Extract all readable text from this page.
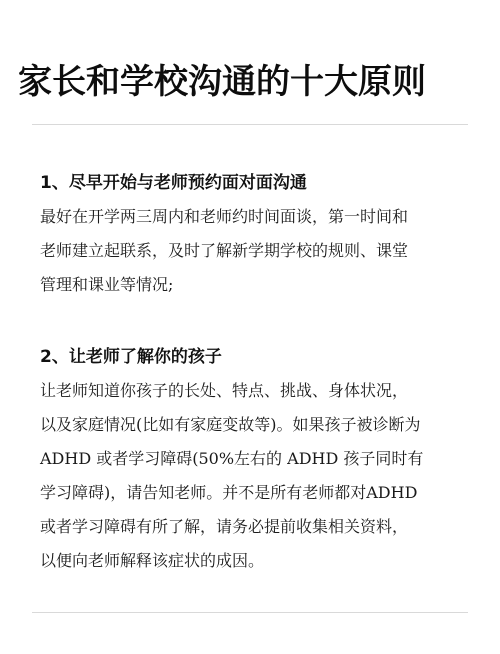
家长和学校沟通的十大原则

1、尽早开始与老师预约面对面沟通

最好在开学两三周内和老师约时间面谈，第一时间和

老师建立起联系，及时了解新学期学校的规则、课堂

管理和课业等情况;

2、让老师了解你的孩子

让老师知道你孩子的长处、特点、挑战、身体状况，

以及家庭情况(比如有家庭变故等)。如果孩子被诊断为

ADHD 或者学习障碍(50%左右的 ADHD 孩子同时有

学习障碍)，请告知老师。并不是所有老师都对ADHD

或者学习障碍有所了解，请务必提前收集相关资料，

以便向老师解释该症状的成因。
